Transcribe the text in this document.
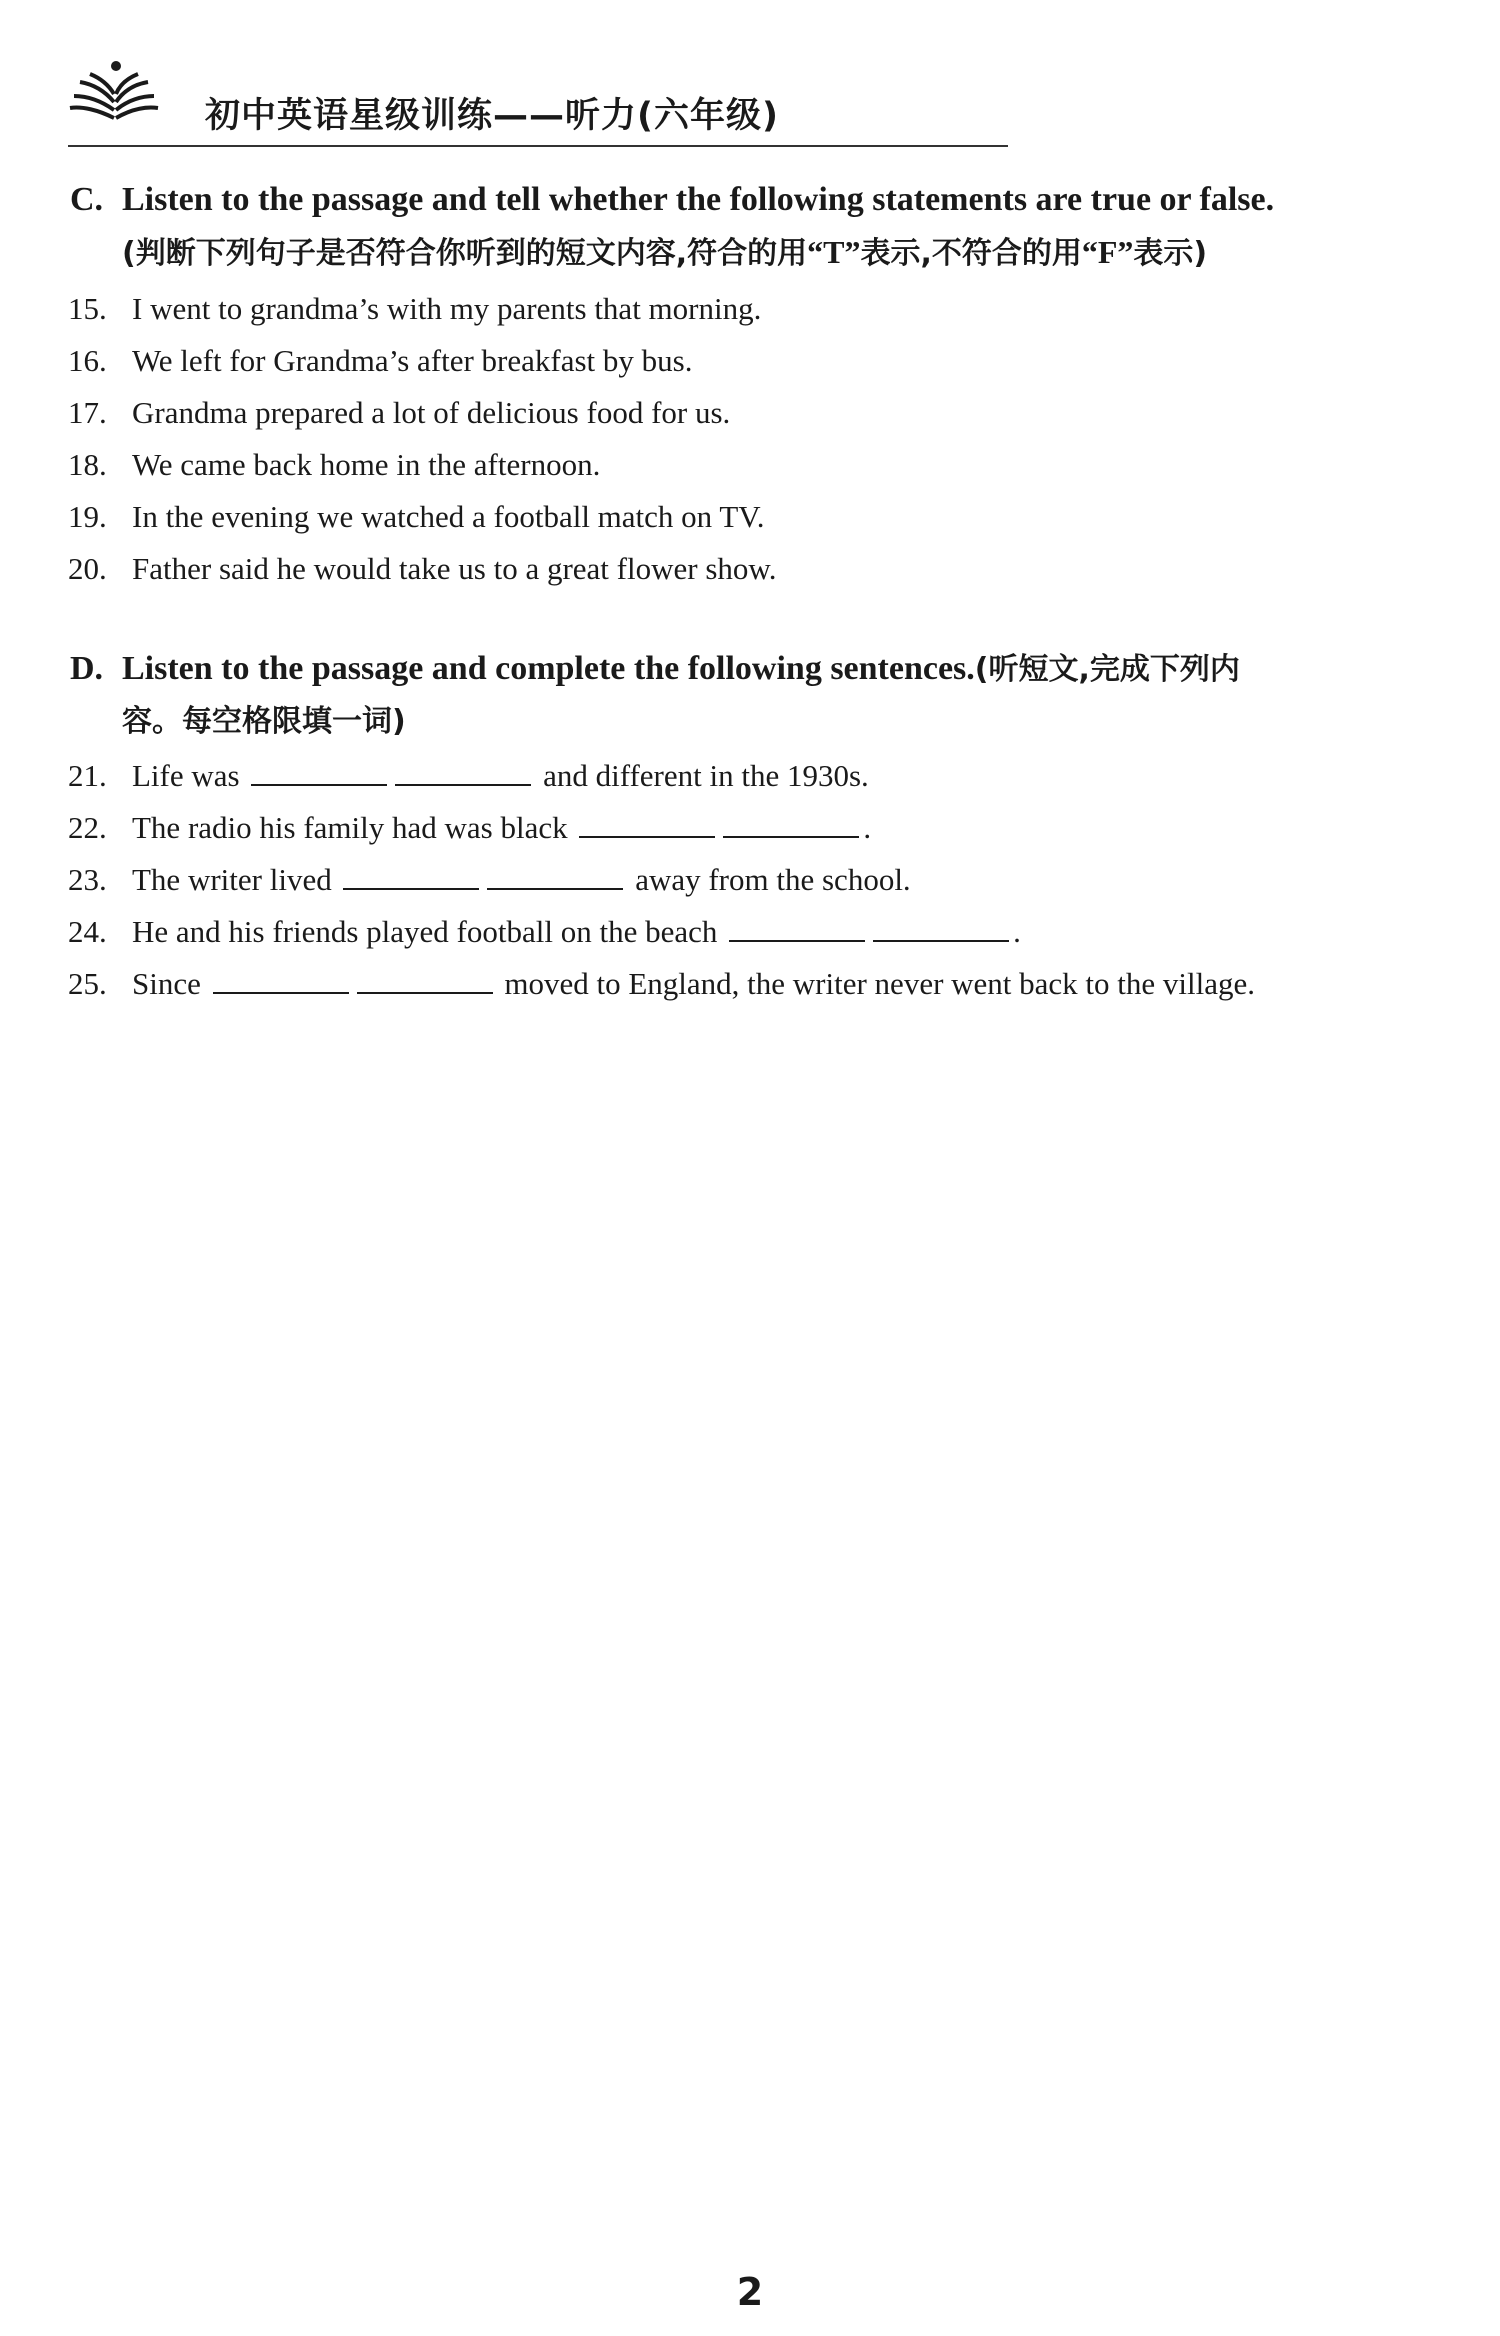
初中英语星级训练——听力(六年级)
C. Listen to the passage and tell whether the following statements are true or false.
(判断下列句子是否符合你听到的短文内容,符合的用“T”表示,不符合的用“F”表示)
15. I went to grandma’s with my parents that morning.
16. We left for Grandma’s after breakfast by bus.
17. Grandma prepared a lot of delicious food for us.
18. We came back home in the afternoon.
19. In the evening we watched a football match on TV.
20. Father said he would take us to a great flower show.
D. Listen to the passage and complete the following sentences.(听短文,完成下列内
容。每空格限填一词)
21. Life was	and different in the 1930s.
22. The radio his family had was black	.
23. The writer lived	away from the school.
24. He and his friends played football on the beach	.
25. Since	moved to England, the writer never went back to the village.
2
